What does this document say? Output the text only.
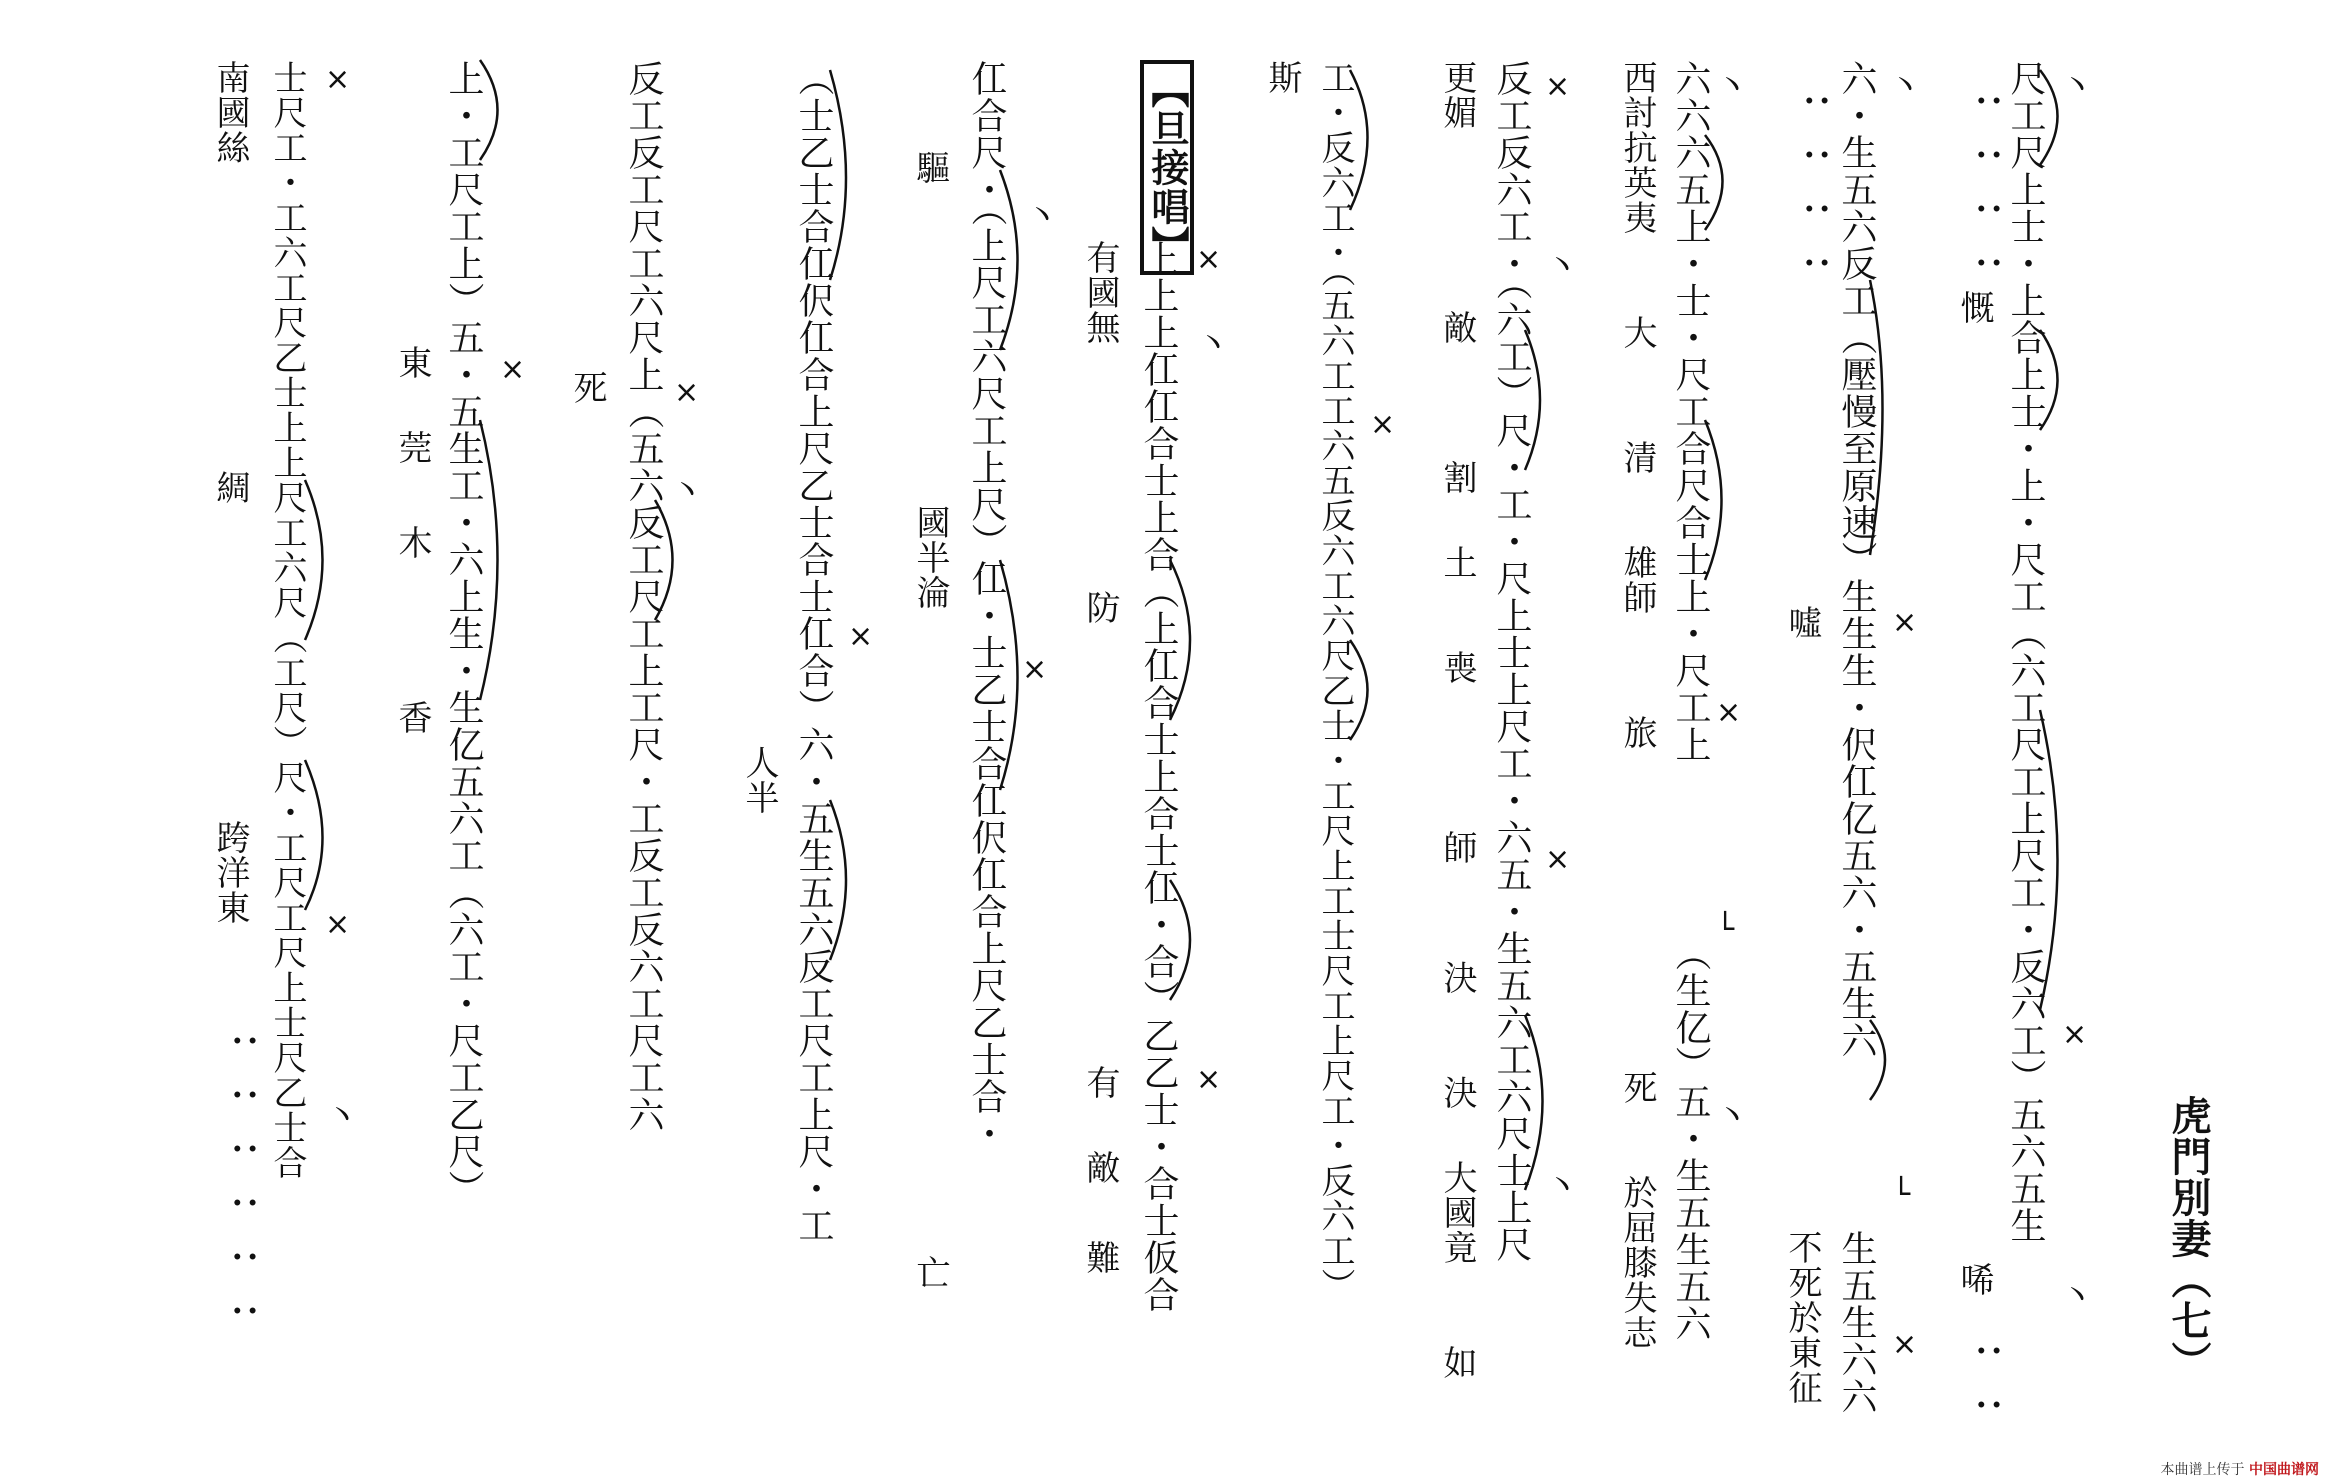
虎門別妻（七）
尺工尺上士・上合上士・上・尺工（六工尺工上尺工・反六工）五六五生
慨
唏
‥‥‥‥
‥‥
六・生五六反工（壓慢至原速）生生生・伬仜亿五六・五生六
生五生六六
噓
不死於東征
‥‥‥‥
六六六五上・士・尺工合尺合士上・尺工上
（生亿）五・生五生五六
西討抗英夷
大
清
雄師
旅
死
於屈膝失志
反工反六工・（六工）尺・工・尺上士上尺工・六五・生五六工六尺士上尺
更媚
敵
割
土
喪
師
決
決
大國竟
如
工・反六工・（五六工工六五反六工六尺乙士・工尺上工士尺工上尺工・反六工）
斯
【旦接唱】
上上上仜仜合士上合（上仜合士上合士仜・合）乙乙士・合士仮合
有國無
防
有
敵
難
仜合尺・（上尺工六尺工上尺）仜・士乙士合仜伬仜合上尺乙士合・
驅
國半淪
亡
（士乙士合仜伬仜合上尺乙士合士仜合）六・五生五六反工尺工上尺・工
人半
反工反工尺工六尺上（五六反工尺工上工尺・工反工反六工尺工六
死
上・工尺工上）五・五生工・六上生・生亿五六工（六工・尺工乙尺）
東
莞
木
香
士尺工・工六工尺乙士上上尺工六尺（工尺）尺・工尺工尺上士尺乙士合
南國絲
綢
跨洋東
‥‥‥‥‥‥	×
×
×
×
×
×
×
×
×
×
×
×
×
×
×
└
└
丶
丶
丶
丶
丶
丶
丶
丶
丶
丶
丶
本曲谱上传于 中国曲谱网
